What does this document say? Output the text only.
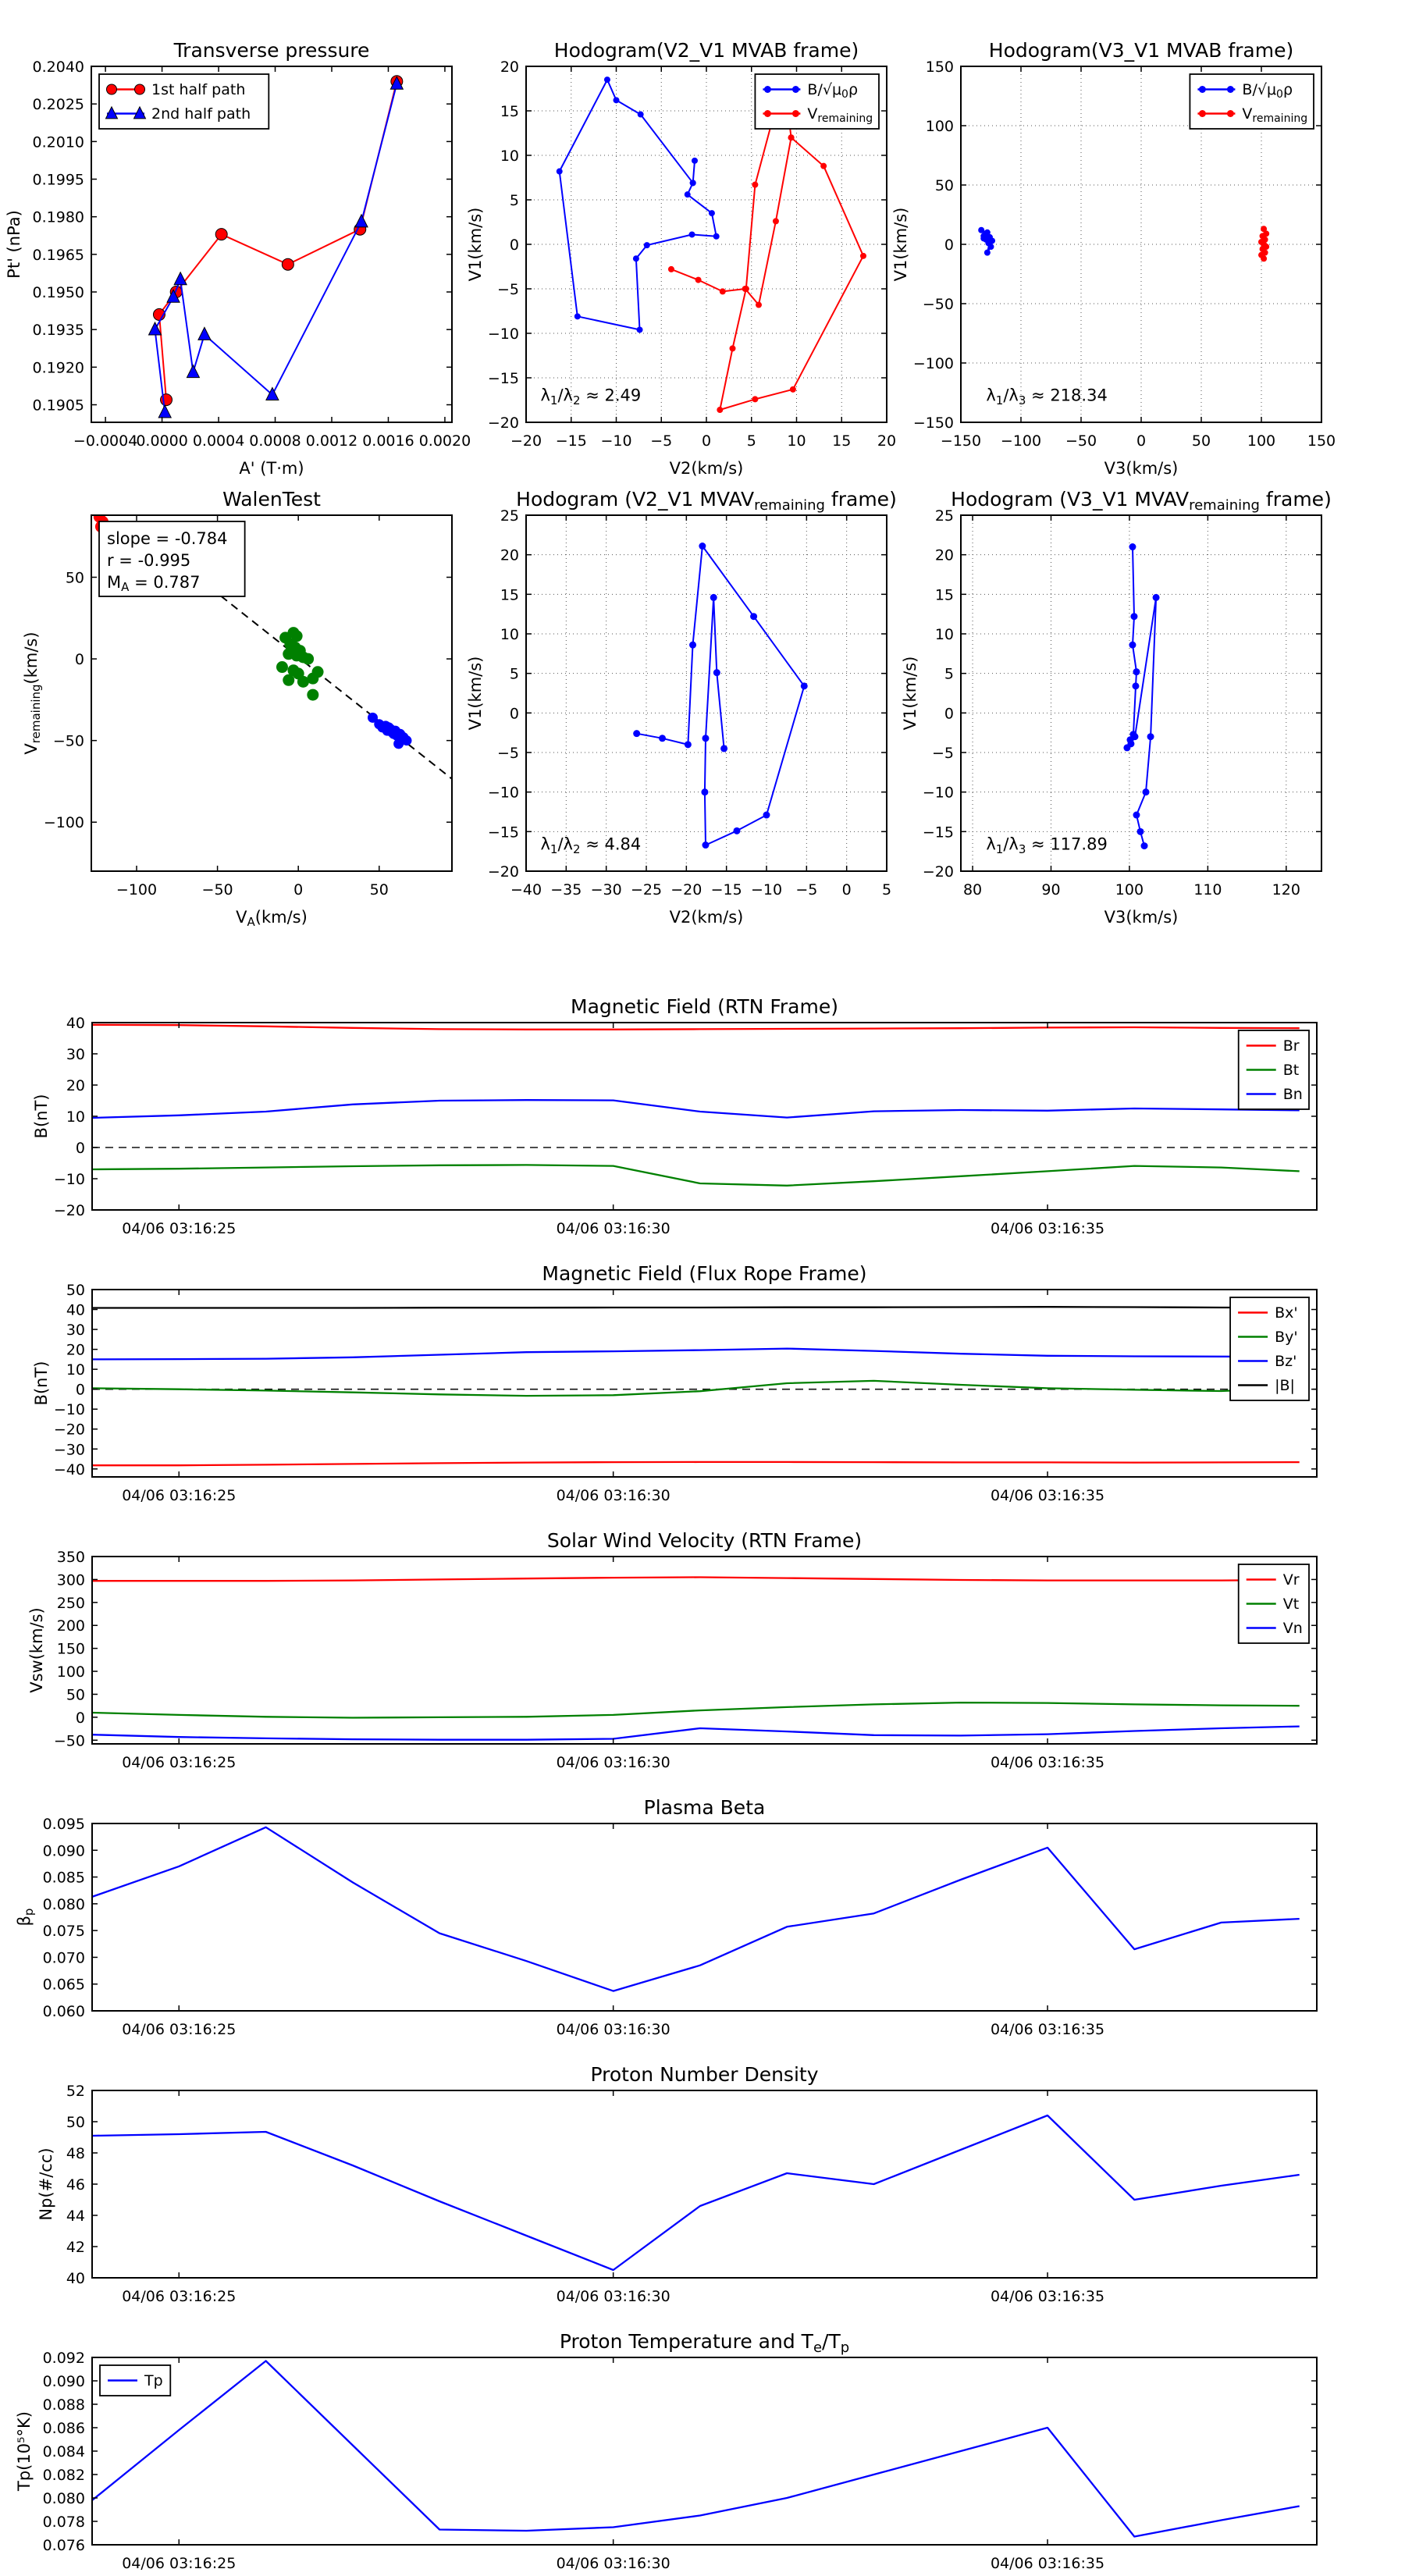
−0.0004
0.0000 0.0004 0.0008 0.0012 0.0016 0.0020
0.1905
0.1920
0.1935
0.1950
0.1965
0.1980
0.1995
0.2010
0.2025
0.2040
Transverse pressure
A' (T·m)
Pt' (nPa)
1st half path
2nd half path
−20 −15 −10 −5 0 5 10 15 20
−20
−15
−10
−5
0
5
10
15
20
Hodogram(V2_V1 MVAB frame)
V2(km/s)
V1(km/s)
$\lambda_1/\lambda_2 \approx 2.49$
B/√μ0ρ
Vremaining
−150 −100 −50	0	50 100 150
−150
−100
−50
0
50
100
150
Hodogram(V3_V1 MVAB frame)
V3(km/s)
V1(km/s)
$\lambda_1/\lambda_3 \approx 218.34$
B/√μ0ρ
Vremaining
−100	−50	0	50
50
0
−50
−100
WalenTest
$V_A(km/s)$
$V_{remaining}(km/s)$
slope = -0.784
r = -0.995
$M_A = 0.787$
−40 −35 −30 −25 −20 −15 −10 −5 0 5
−20
−15
−10
−5
0
5
10
15
20
25
Hodogram (V2_V1 $MVAV_{remaining}$ frame)
V2(km/s)
V1(km/s)
$\lambda_1/\lambda_2 \approx 4.84$
80	90	100	110	120
−20
−15
−10
−5
0
5
10
15
20
25
Hodogram (V3_V1 $MVAV_{remaining}$ frame)
V3(km/s)
V1(km/s)
$\lambda_1/\lambda_3 \approx 117.89$
04/06 03:16:25	04/06 03:16:30	04/06 03:16:35
−20
−10
0
10
20
30
40
Magnetic Field (RTN Frame)
B(nT)
Br
Bt
Bn
04/06 03:16:25	04/06 03:16:30	04/06 03:16:35
−40
−30
−20
−10
0
10
20
30
40
50
Magnetic Field (Flux Rope Frame)
B(nT)
Bx'
By'
Bz'
|B|
04/06 03:16:25	04/06 03:16:30	04/06 03:16:35
−50
0
50
100
150
200
250
300
350
Solar Wind Velocity (RTN Frame)
Vsw(km/s)
Vr
Vt
Vn
04/06 03:16:25	04/06 03:16:30	04/06 03:16:35
0.060
0.065
0.070
0.075
0.080
0.085
0.090
0.095
Plasma Beta
$\beta_p$
04/06 03:16:25	04/06 03:16:30	04/06 03:16:35
40
42
44
46
48
50
52
Proton Number Density
Np(#/cc)
04/06 03:16:25	04/06 03:16:30	04/06 03:16:35
0.076
0.078
0.080
0.082
0.084
0.086
0.088
0.090
0.092
Proton Temperature and $T_e/T_p$
Tp(10⁵°K)
Tp
